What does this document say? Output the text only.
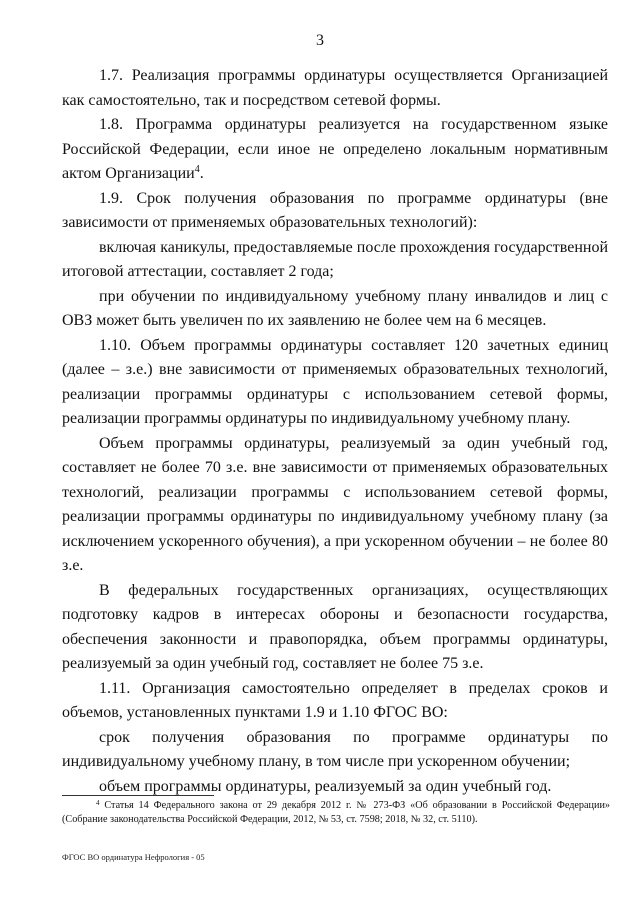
3

1.7. Реализация программы ординатуры осуществляется Организацией как самостоятельно, так и посредством сетевой формы.

1.8. Программа ординатуры реализуется на государственном языке Российской Федерации, если иное не определено локальным нормативным актом Организации$^4$.

1.9. Срок получения образования по программе ординатуры (вне зависимости от применяемых образовательных технологий):

включая каникулы, предоставляемые после прохождения государственной итоговой аттестации, составляет 2 года;

при обучении по индивидуальному учебному плану инвалидов и лиц с ОВЗ может быть увеличен по их заявлению не более чем на 6 месяцев.

1.10. Объем программы ординатуры составляет 120 зачетных единиц (далее – з.е.) вне зависимости от применяемых образовательных технологий, реализации программы ординатуры с использованием сетевой формы, реализации программы ординатуры по индивидуальному учебному плану.

Объем программы ординатуры, реализуемый за один учебный год, составляет не более 70 з.е. вне зависимости от применяемых образовательных технологий, реализации программы с использованием сетевой формы, реализации программы ординатуры по индивидуальному учебному плану (за исключением ускоренного обучения), а при ускоренном обучении – не более 80 з.е.

В федеральных государственных организациях, осуществляющих подготовку кадров в интересах обороны и безопасности государства, обеспечения законности и правопорядка, объем программы ординатуры, реализуемый за один учебный год, составляет не более 75 з.е.

1.11. Организация самостоятельно определяет в пределах сроков и объемов, установленных пунктами 1.9 и 1.10 ФГОС ВО:

срок получения образования по программе ординатуры по индивидуальному учебному плану, в том числе при ускоренном обучении;

объем программы ординатуры, реализуемый за один учебный год.

$^4$ Статья 14 Федерального закона от 29 декабря 2012 г. № 273-ФЗ «Об образовании в Российской Федерации» (Собрание законодательства Российской Федерации, 2012, № 53, ст. 7598; 2018, № 32, ст. 5110).
ФГОС ВО ординатура Нефрология - 05
